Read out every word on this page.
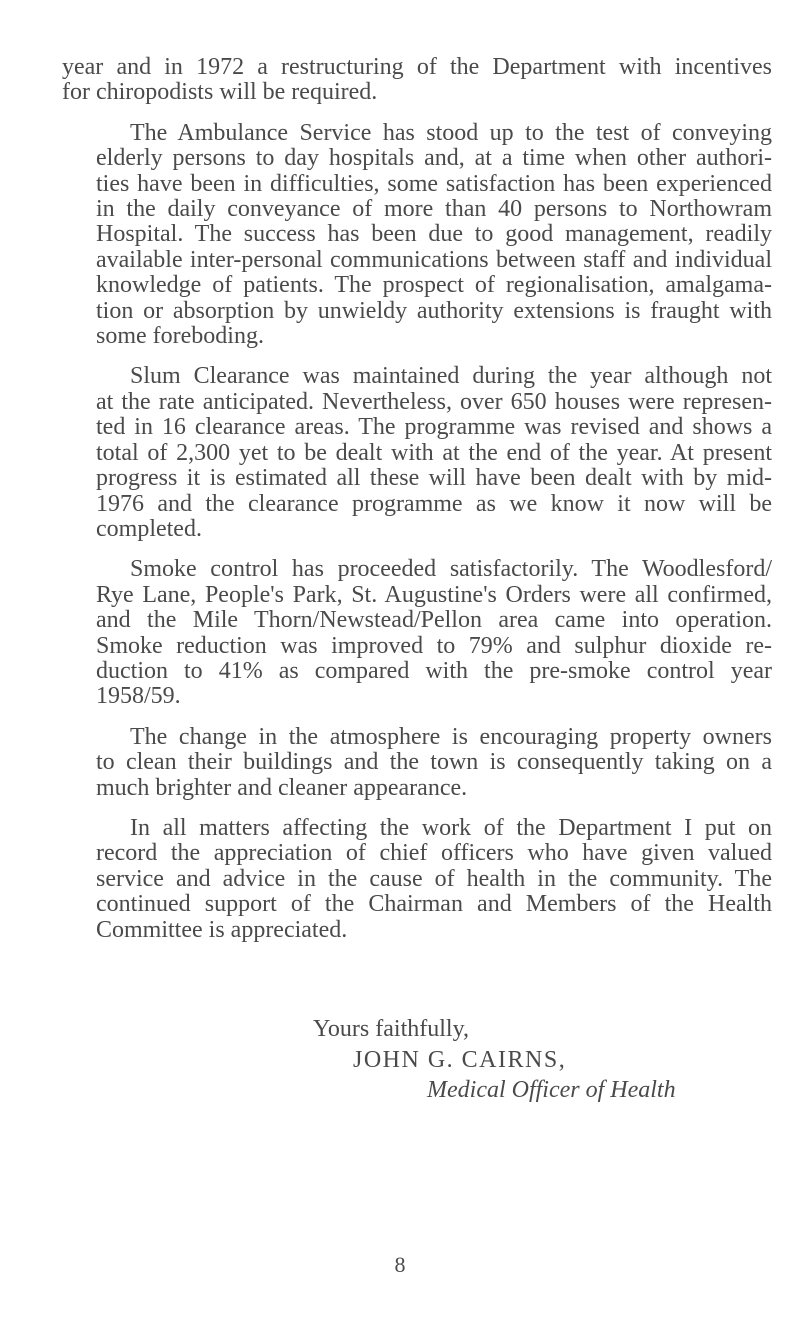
year and in 1972 a restructuring of the Department with incentives
for chiropodists will be required.

The Ambulance Service has stood up to the test of conveying
elderly persons to day hospitals and, at a time when other authori-
ties have been in difficulties, some satisfaction has been experienced
in the daily conveyance of more than 40 persons to Northowram
Hospital. The success has been due to good management, readily
available inter-personal communications between staff and individual
knowledge of patients. The prospect of regionalisation, amalgama-
tion or absorption by unwieldy authority extensions is fraught with
some foreboding.

Slum Clearance was maintained during the year although not
at the rate anticipated. Nevertheless, over 650 houses were represen-
ted in 16 clearance areas. The programme was revised and shows a
total of 2,300 yet to be dealt with at the end of the year. At present
progress it is estimated all these will have been dealt with by mid-
1976 and the clearance programme as we know it now will be
completed.

Smoke control has proceeded satisfactorily. The Woodlesford/
Rye Lane, People's Park, St. Augustine's Orders were all confirmed,
and the Mile Thorn/Newstead/Pellon area came into operation.
Smoke reduction was improved to 79% and sulphur dioxide re-
duction to 41% as compared with the pre-smoke control year
1958/59.

The change in the atmosphere is encouraging property owners
to clean their buildings and the town is consequently taking on a
much brighter and cleaner appearance.

In all matters affecting the work of the Department I put on
record the appreciation of chief officers who have given valued
service and advice in the cause of health in the community. The
continued support of the Chairman and Members of the Health
Committee is appreciated.

Yours faithfully,
JOHN G. CAIRNS,
Medical Officer of Health
8
